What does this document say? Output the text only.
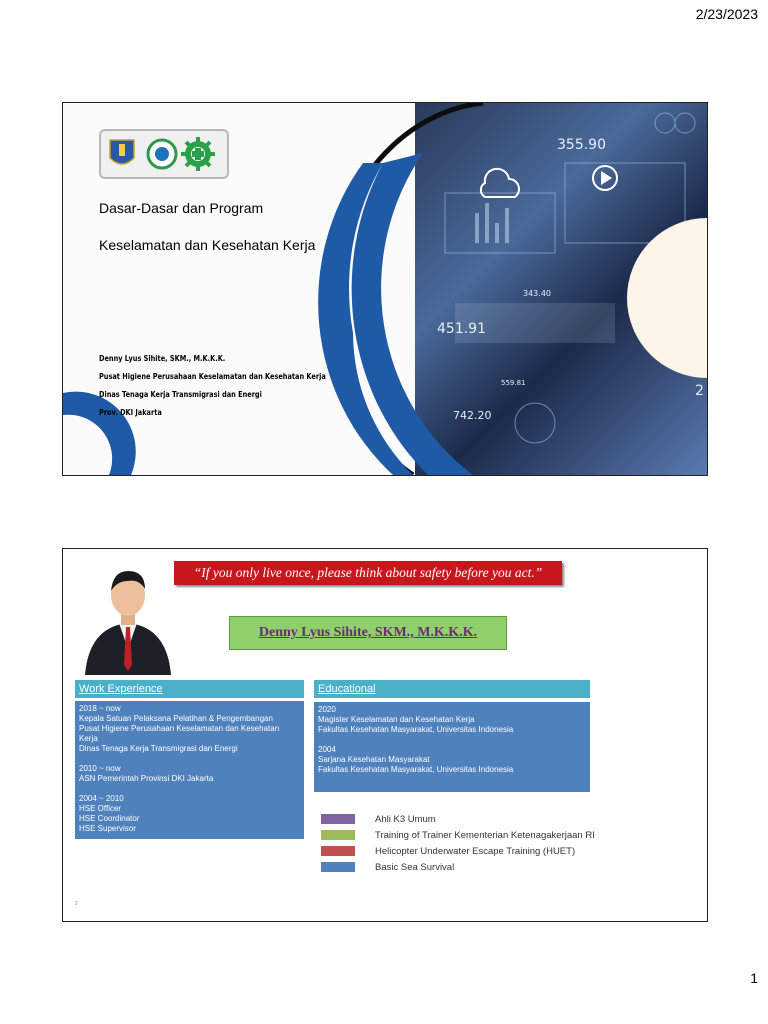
2/23/2023
355.90
451.91
343.40
559.81
742.20
2
Dasar-Dasar dan Program
Keselamatan dan Kesehatan Kerja
Denny Lyus Sihite, SKM., M.K.K.K.
Pusat Higiene Perusahaan Keselamatan dan Kesehatan Kerja
Dinas Tenaga Kerja Transmigrasi dan Energi
Prov. DKI Jakarta
“If you only live once, please think about safety before you act.”
Denny Lyus Sihite, SKM., M.K.K.K.
Work Experience

2018 ~ now

Kepala Satuan Pelaksana Pelatihan & Pengembangan

Pusat Higiene Perusahaan Keselamatan dan Kesehatan Kerja

Dinas Tenaga Kerja Transmigrasi dan Energi

2010 ~ now

ASN Pemerintah Provinsi DKI Jakarta

2004 ~ 2010

HSE Officer

HSE Coordinator

HSE Supervisor

Educational

2020

Magister Keselamatan dan Kesehatan Kerja

Fakultas Kesehatan Masyarakat, Universitas Indonesia

2004

Sarjana Kesehatan Masyarakat

Fakultas Kesehatan Masyarakat, Universitas Indonesia

Ahli K3 Umum
Training of Trainer Kementerian Ketenagakerjaan RI
Helicopter Underwater Escape Training (HUET)
Basic Sea Survival
2
1
